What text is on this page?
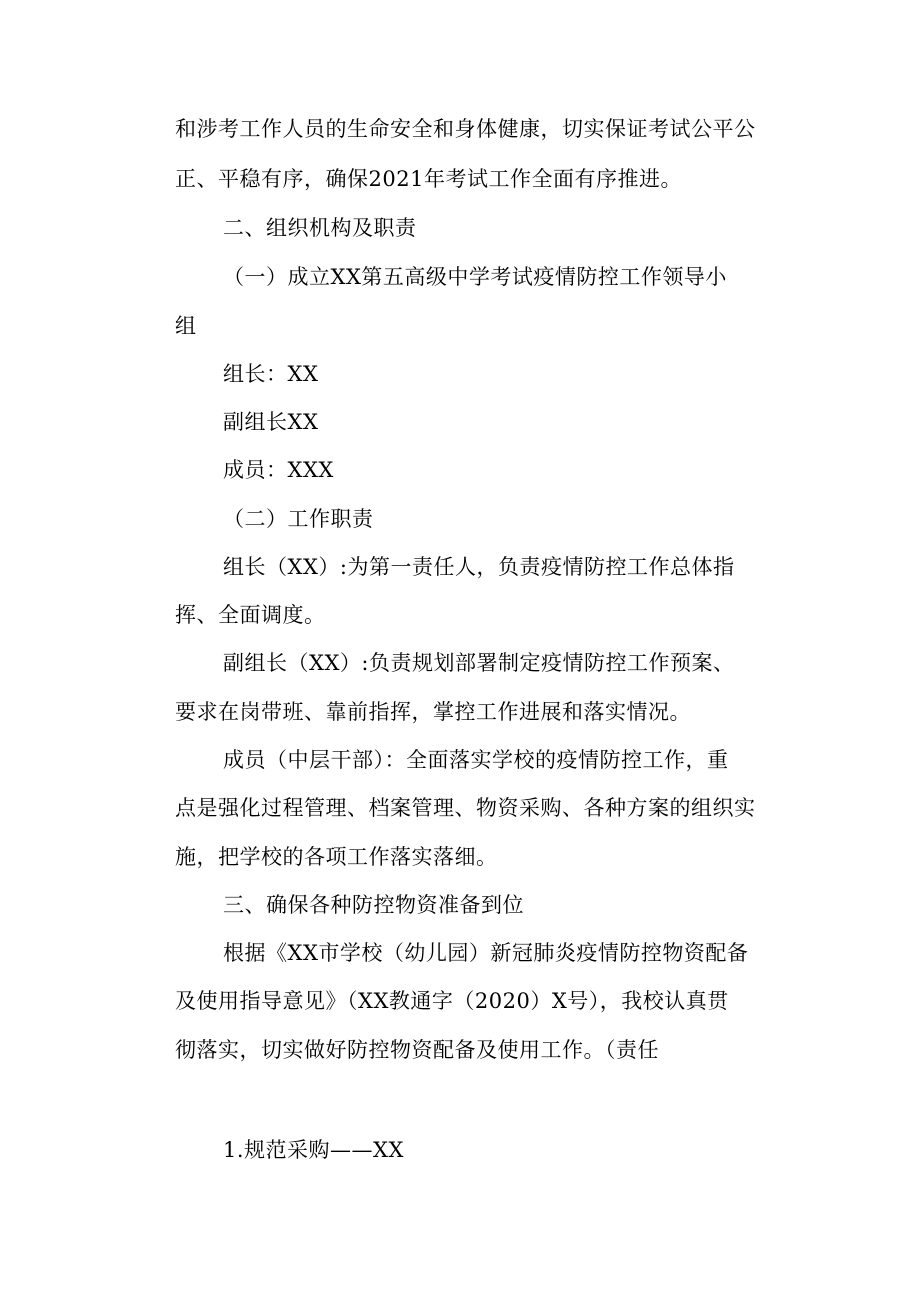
和涉考工作人员的生命安全和身体健康，切实保证考试公平公
正、平稳有序，确保2021年考试工作全面有序推进。
二、组织机构及职责
（一）成立XX第五高级中学考试疫情防控工作领导小
组
组长：XX
副组长XX
成员：XXX
（二）工作职责
组长（XX）:为第一责任人，负责疫情防控工作总体指
挥、全面调度。
副组长（XX）:负责规划部署制定疫情防控工作预案、
要求在岗带班、靠前指挥，掌控工作进展和落实情况。
成员（中层干部）：全面落实学校的疫情防控工作，重
点是强化过程管理、档案管理、物资采购、各种方案的组织实
施，把学校的各项工作落实落细。
三、确保各种防控物资准备到位
根据《XX市学校（幼儿园）新冠肺炎疫情防控物资配备
及使用指导意见》（XX教通字（2020）X号），我校认真贯
彻落实，切实做好防控物资配备及使用工作。（责任
1.规范采购——XX
